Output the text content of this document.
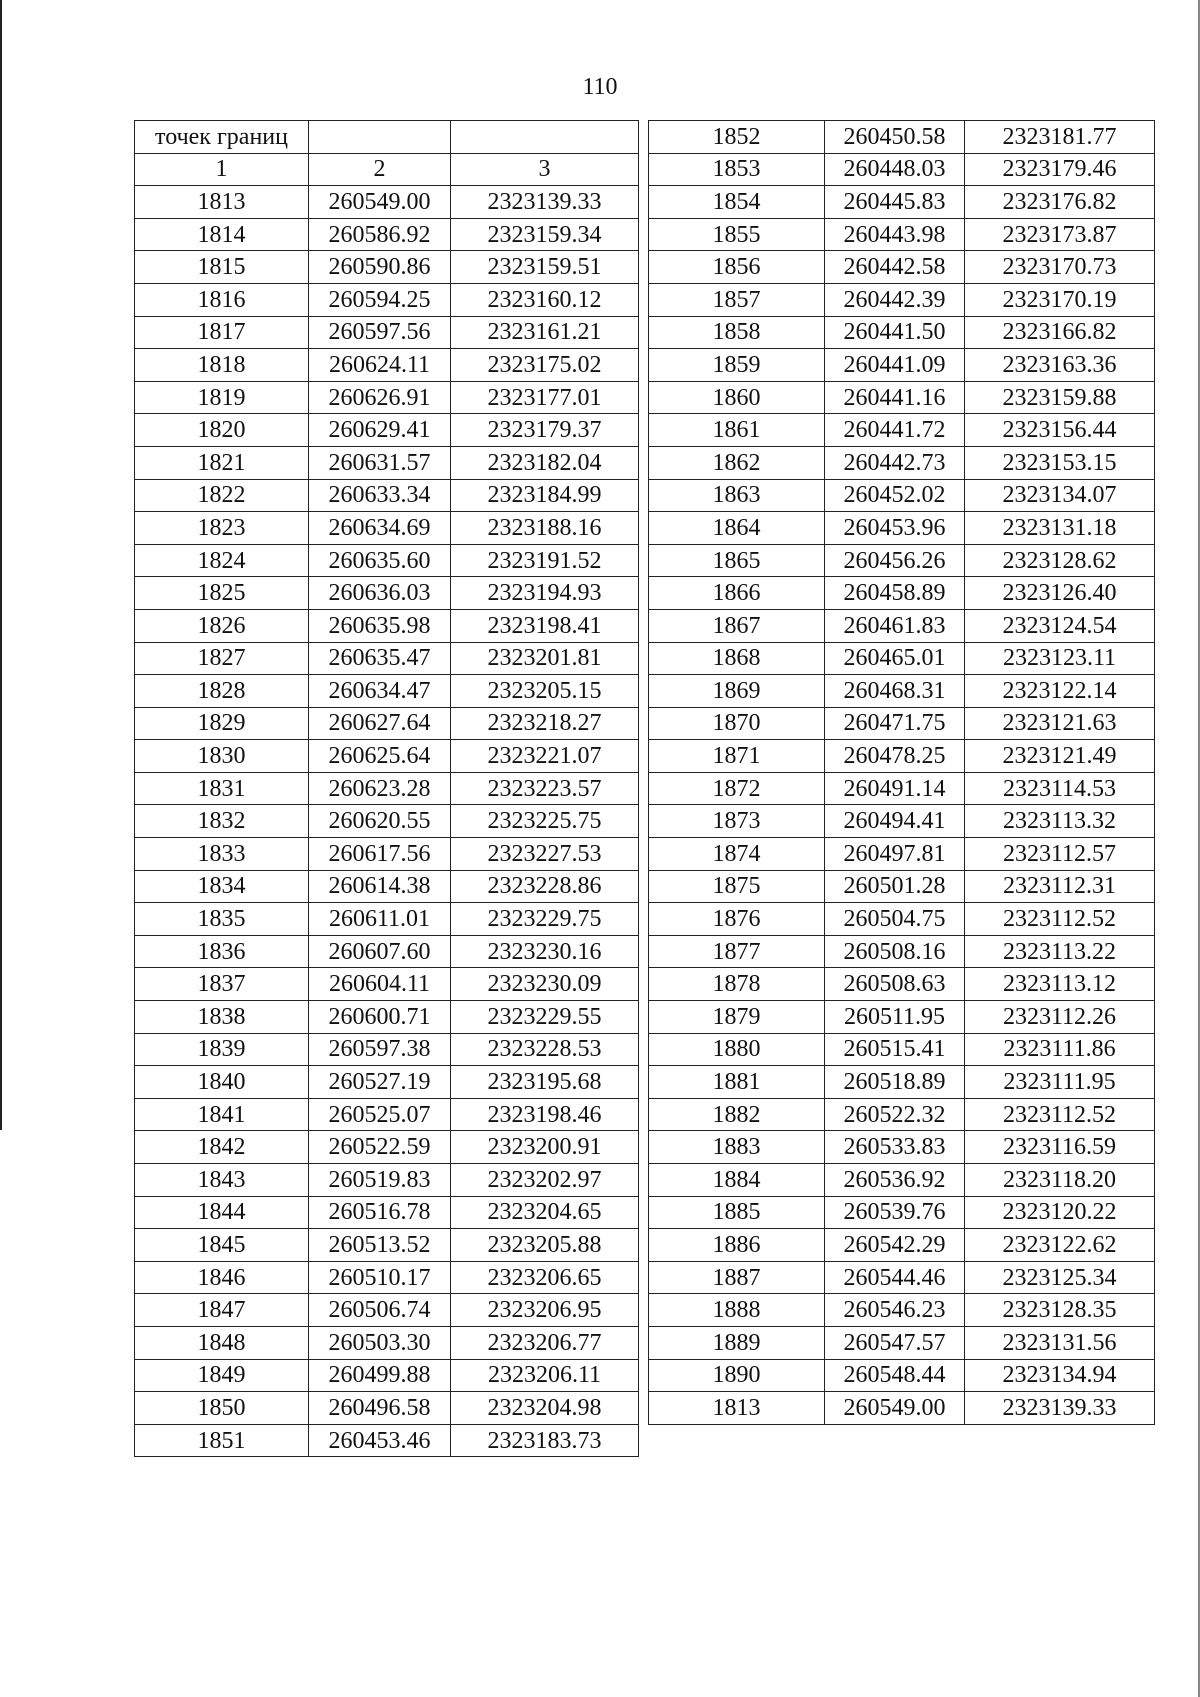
110
точек границ		
1	2	3
1813	260549.00	2323139.33
1814	260586.92	2323159.34
1815	260590.86	2323159.51
1816	260594.25	2323160.12
1817	260597.56	2323161.21
1818	260624.11	2323175.02
1819	260626.91	2323177.01
1820	260629.41	2323179.37
1821	260631.57	2323182.04
1822	260633.34	2323184.99
1823	260634.69	2323188.16
1824	260635.60	2323191.52
1825	260636.03	2323194.93
1826	260635.98	2323198.41
1827	260635.47	2323201.81
1828	260634.47	2323205.15
1829	260627.64	2323218.27
1830	260625.64	2323221.07
1831	260623.28	2323223.57
1832	260620.55	2323225.75
1833	260617.56	2323227.53
1834	260614.38	2323228.86
1835	260611.01	2323229.75
1836	260607.60	2323230.16
1837	260604.11	2323230.09
1838	260600.71	2323229.55
1839	260597.38	2323228.53
1840	260527.19	2323195.68
1841	260525.07	2323198.46
1842	260522.59	2323200.91
1843	260519.83	2323202.97
1844	260516.78	2323204.65
1845	260513.52	2323205.88
1846	260510.17	2323206.65
1847	260506.74	2323206.95
1848	260503.30	2323206.77
1849	260499.88	2323206.11
1850	260496.58	2323204.98
1851	260453.46	2323183.73
1852	260450.58	2323181.77
1853	260448.03	2323179.46
1854	260445.83	2323176.82
1855	260443.98	2323173.87
1856	260442.58	2323170.73
1857	260442.39	2323170.19
1858	260441.50	2323166.82
1859	260441.09	2323163.36
1860	260441.16	2323159.88
1861	260441.72	2323156.44
1862	260442.73	2323153.15
1863	260452.02	2323134.07
1864	260453.96	2323131.18
1865	260456.26	2323128.62
1866	260458.89	2323126.40
1867	260461.83	2323124.54
1868	260465.01	2323123.11
1869	260468.31	2323122.14
1870	260471.75	2323121.63
1871	260478.25	2323121.49
1872	260491.14	2323114.53
1873	260494.41	2323113.32
1874	260497.81	2323112.57
1875	260501.28	2323112.31
1876	260504.75	2323112.52
1877	260508.16	2323113.22
1878	260508.63	2323113.12
1879	260511.95	2323112.26
1880	260515.41	2323111.86
1881	260518.89	2323111.95
1882	260522.32	2323112.52
1883	260533.83	2323116.59
1884	260536.92	2323118.20
1885	260539.76	2323120.22
1886	260542.29	2323122.62
1887	260544.46	2323125.34
1888	260546.23	2323128.35
1889	260547.57	2323131.56
1890	260548.44	2323134.94
1813	260549.00	2323139.33
